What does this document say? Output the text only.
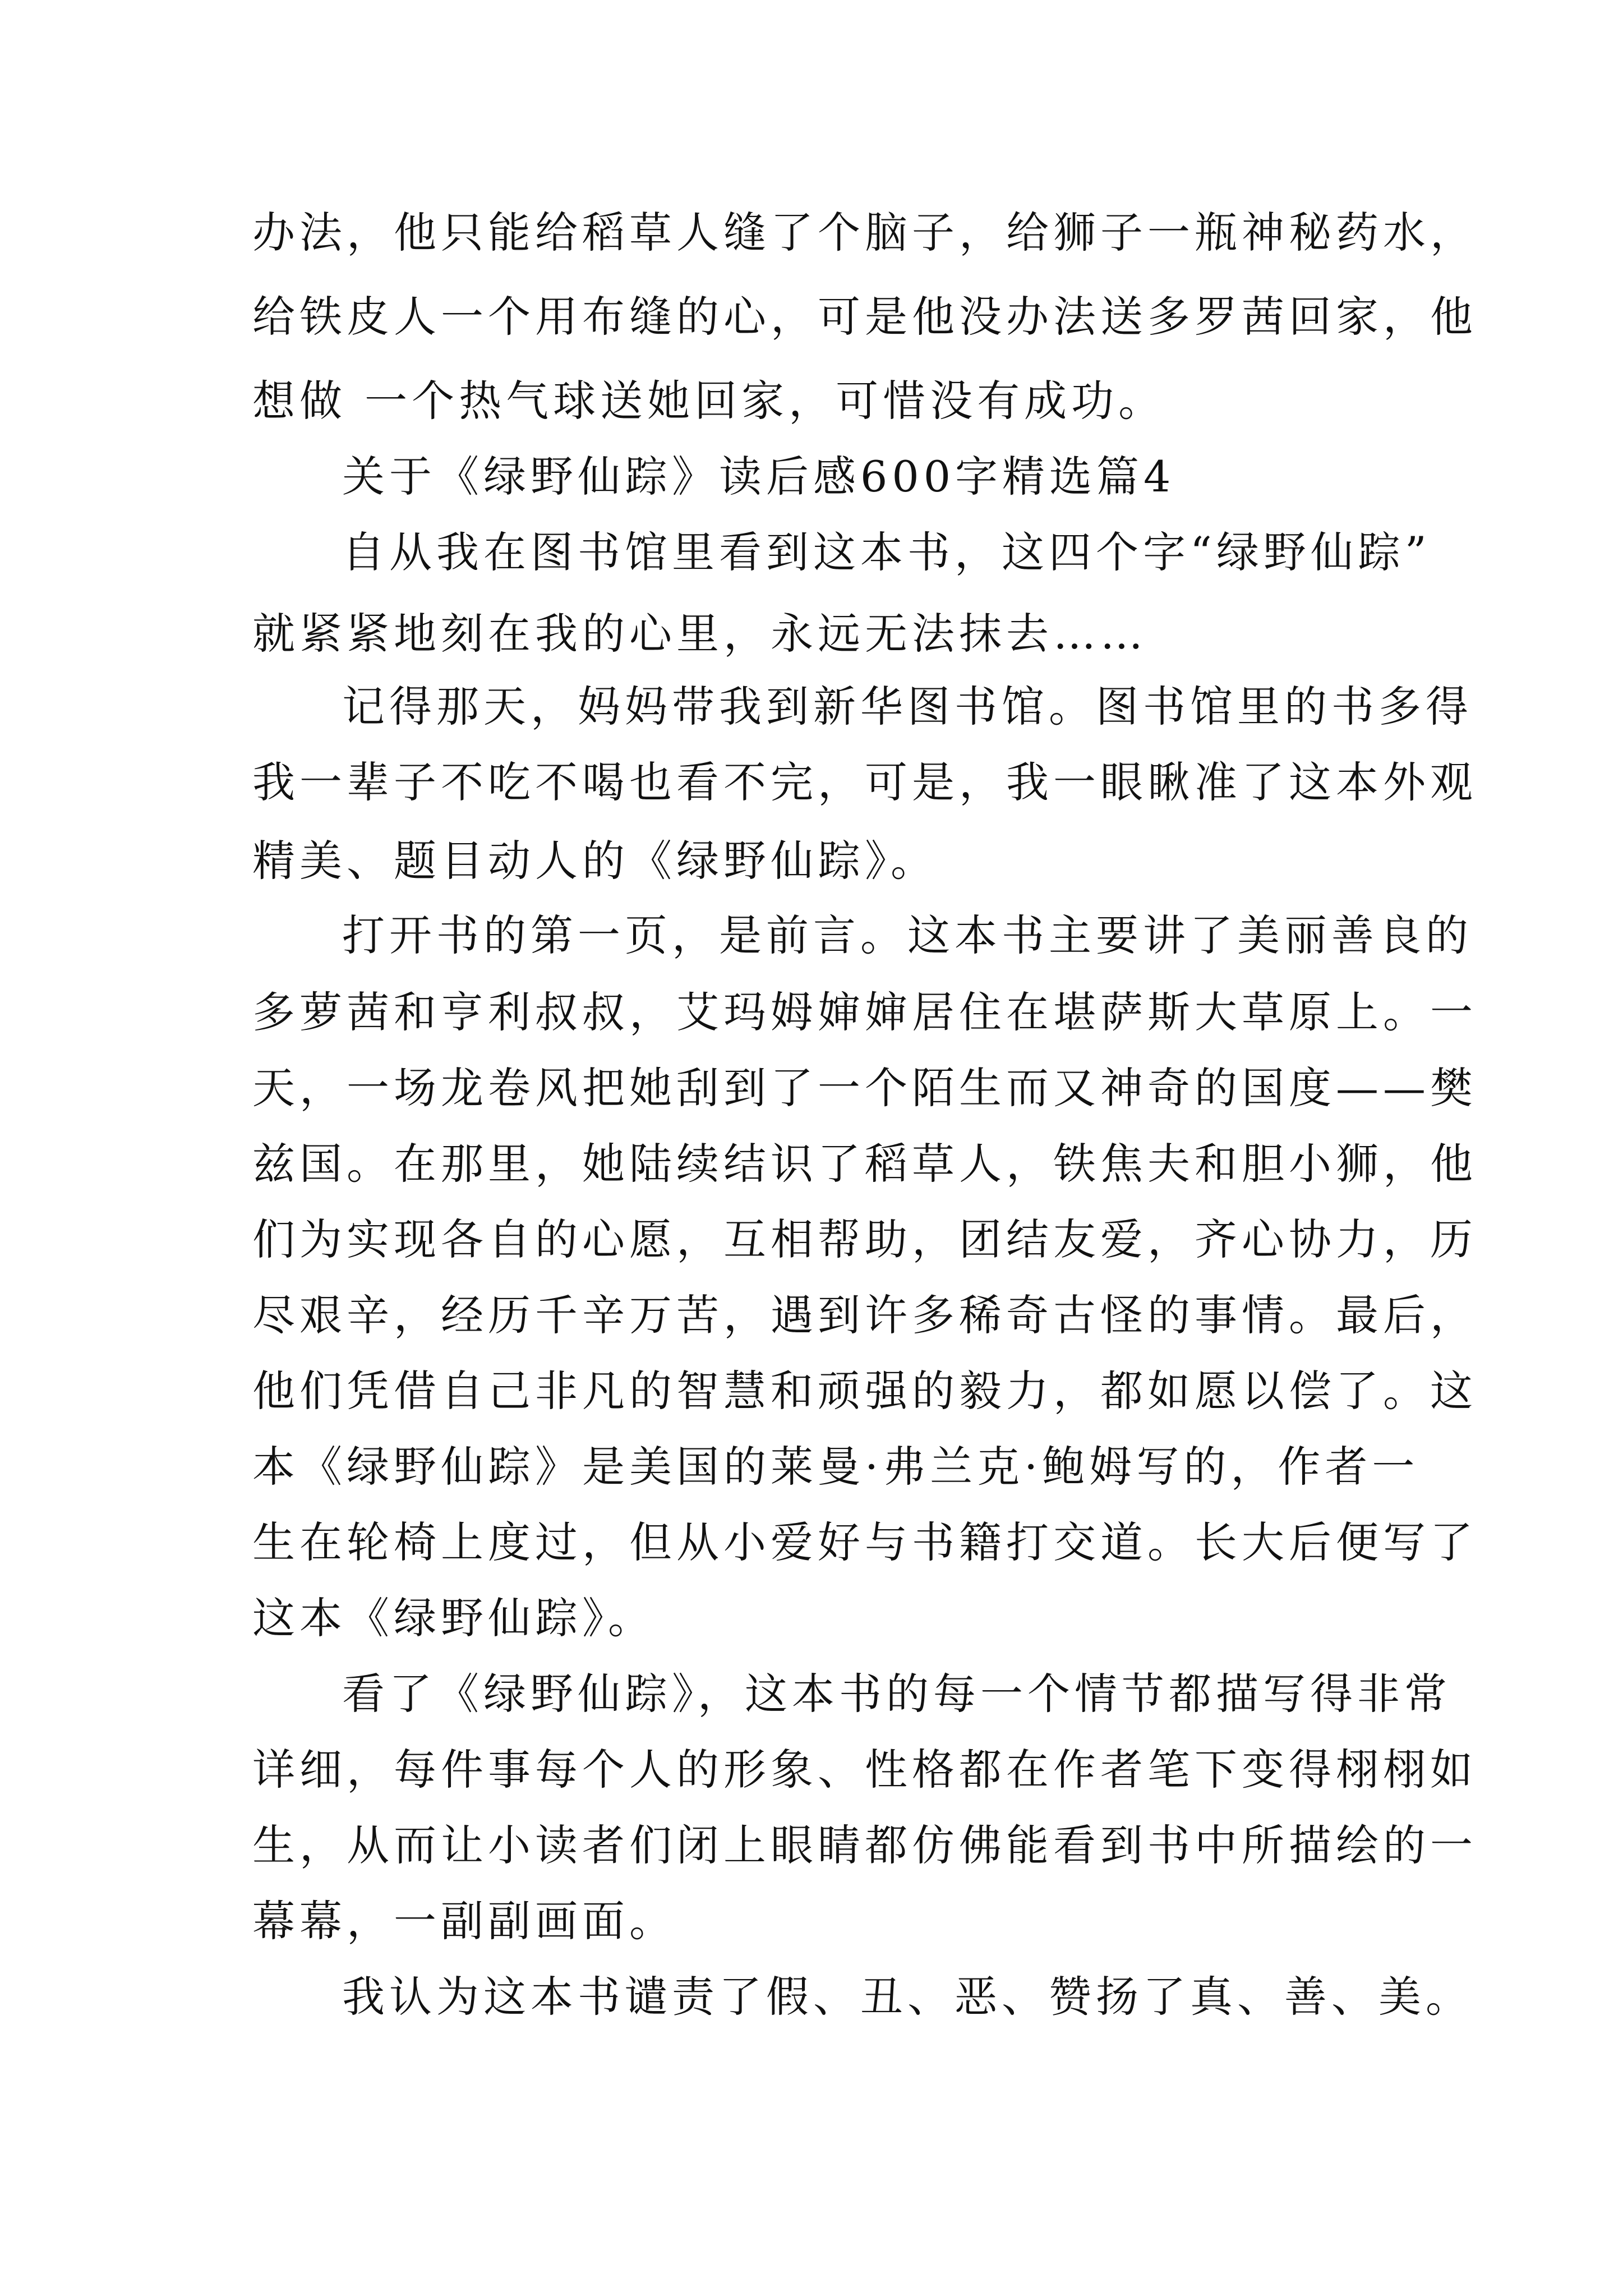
办法，他只能给稻草人缝了个脑子，给狮子一瓶神秘药水，
给铁皮人一个用布缝的心，可是他没办法送多罗茜回家，他
想做 一个热气球送她回家，可惜没有成功。
关于《绿野仙踪》读后感600字精选篇4
自从我在图书馆里看到这本书，这四个字“绿野仙踪”
就紧紧地刻在我的心里，永远无法抹去……
记得那天，妈妈带我到新华图书馆。图书馆里的书多得
我一辈子不吃不喝也看不完，可是，我一眼瞅准了这本外观
精美、题目动人的《绿野仙踪》。
打开书的第一页，是前言。这本书主要讲了美丽善良的
多萝茜和亨利叔叔，艾玛姆婶婶居住在堪萨斯大草原上。一
天，一场龙卷风把她刮到了一个陌生而又神奇的国度——樊
兹国。在那里，她陆续结识了稻草人，铁焦夫和胆小狮，他
们为实现各自的心愿，互相帮助，团结友爱，齐心协力，历
尽艰辛，经历千辛万苦，遇到许多稀奇古怪的事情。最后，
他们凭借自己非凡的智慧和顽强的毅力，都如愿以偿了。这
本《绿野仙踪》是美国的莱曼·弗兰克·鲍姆写的，作者一
生在轮椅上度过，但从小爱好与书籍打交道。长大后便写了
这本《绿野仙踪》。
看了《绿野仙踪》，这本书的每一个情节都描写得非常
详细，每件事每个人的形象、性格都在作者笔下变得栩栩如
生，从而让小读者们闭上眼睛都仿佛能看到书中所描绘的一
幕幕，一副副画面。
我认为这本书谴责了假、丑、恶、赞扬了真、善、美。
